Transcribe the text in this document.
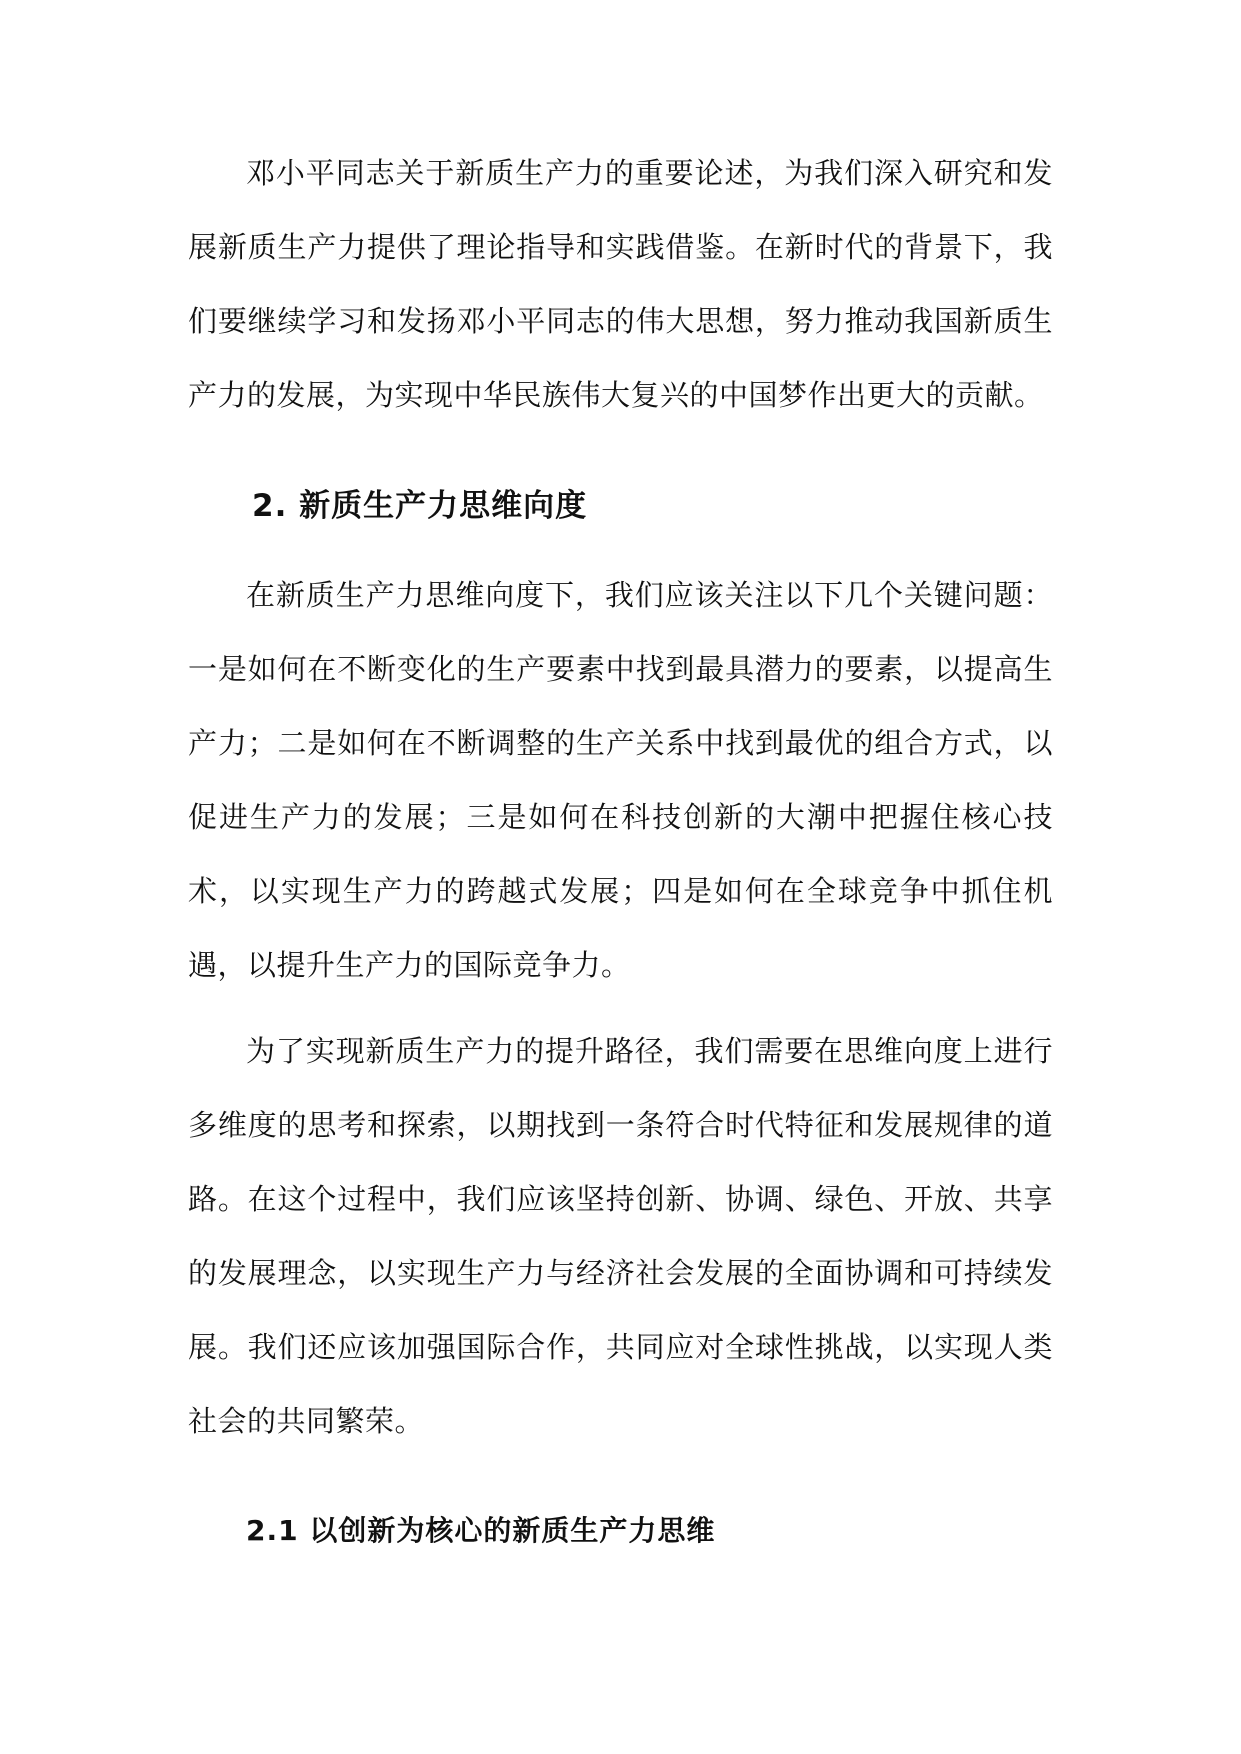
邓小平同志关于新质生产力的重要论述，为我们深入研究和发展新质生产力提供了理论指导和实践借鉴。在新时代的背景下，我们要继续学习和发扬邓小平同志的伟大思想，努力推动我国新质生产力的发展，为实现中华民族伟大复兴的中国梦作出更大的贡献。

2. 新质生产力思维向度

在新质生产力思维向度下，我们应该关注以下几个关键问题：一是如何在不断变化的生产要素中找到最具潜力的要素，以提高生产力；二是如何在不断调整的生产关系中找到最优的组合方式，以促进生产力的发展；三是如何在科技创新的大潮中把握住核心技术，以实现生产力的跨越式发展；四是如何在全球竞争中抓住机遇，以提升生产力的国际竞争力。

为了实现新质生产力的提升路径，我们需要在思维向度上进行多维度的思考和探索，以期找到一条符合时代特征和发展规律的道路。在这个过程中，我们应该坚持创新、协调、绿色、开放、共享的发展理念，以实现生产力与经济社会发展的全面协调和可持续发展。我们还应该加强国际合作，共同应对全球性挑战，以实现人类社会的共同繁荣。

2.1 以创新为核心的新质生产力思维
